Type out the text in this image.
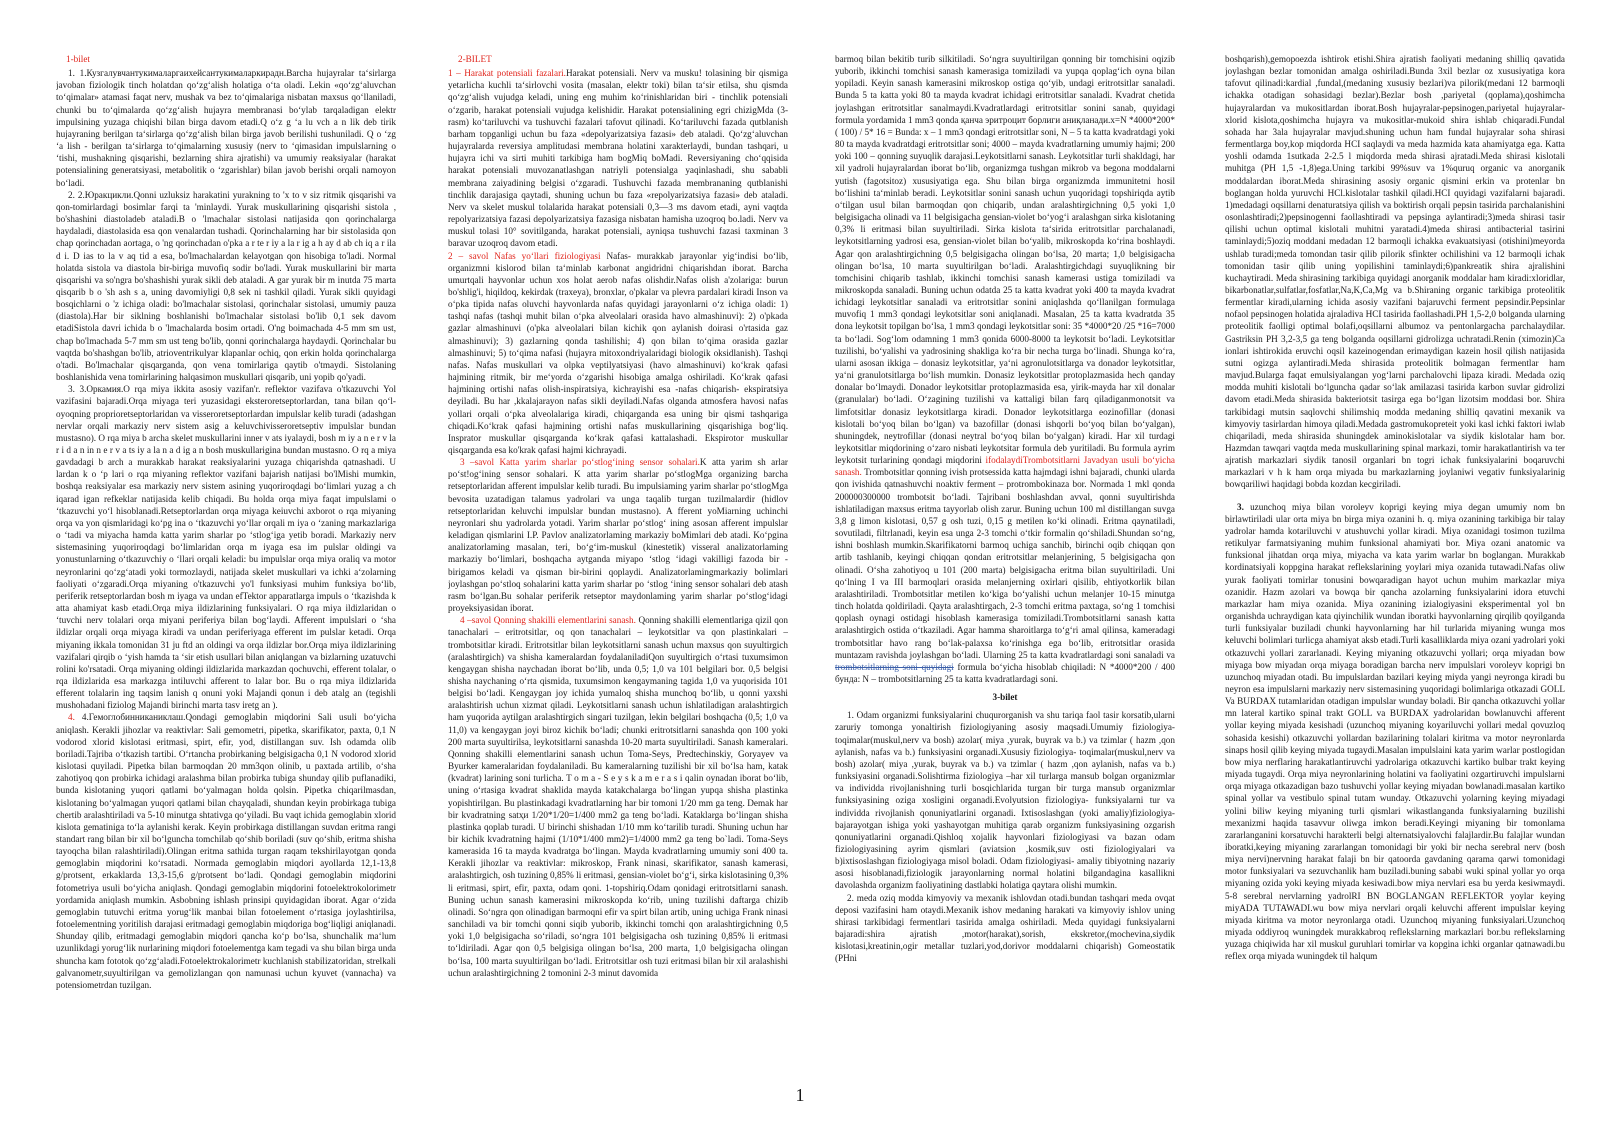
1-bilet

1. 1.Кузгалувчантукималаргаихейсантукималаркирадн.Barcha hujayralar ta‘sirlarga javoban fiziologik tinch holatdan qo‘zg‘alish holatiga o‘ta oladi. Lekin «qo‘zg‘aluvchan to‘qimalar» atamasi faqat nerv, mushak va bez to‘qimalariga nisbatan maxsus qo‘llaniladi, chunki bu to‘qimalarda qo‘zg‘alish hujayra membranasi bo‘ylab tarqaladigan elektr impulsining yuzaga chiqishi bilan birga davom etadi.Q o‘z g ‘a lu vch a n lik deb tirik hujayraning berilgan ta‘sirlarga qo‘zg‘alish bilan birga javob berilishi tushuniladi. Q o ‘zg ‘a lish - berilgan ta‘sirlarga to‘qimalarning xususiy (nerv to ‘qimasidan impulslarning o ‘tishi, mushakning qisqarishi, bezlarning shira ajratishi) va umumiy reaksiyalar (harakat potensialining generatsiyasi, metabolitik o ‘zgarishlar) bilan javob berishi orqali namoyon bo‘ladi.

2. 2.Юракцикли.Qonni uzluksiz harakatini yurakning to 'x to v siz ritmik qisqarishi va qon-tomirlardagi bosimlar farqi ta 'minlaydi. Yurak muskullarining qisqarishi sistola , bo'shashini diastoladeb ataladi.B o 'lmachalar sistolasi natijasida qon qorinchalarga haydaladi, diastolasida esa qon venalardan tushadi. Qorinchalarning har bir sistolasida qon chap qorinchadan aortaga, o 'ng qorinchadan o'pka a r te r iy a la r ig a h ay d ab ch iq a r ila d i. D ias to la v aq tid a esa, bo'lmachalardan kelayotgan qon hisobiga to'ladi. Normal holatda sistola va diastola bir-biriga muvofiq sodir bo'ladi. Yurak muskullarini bir marta qisqarishi va so'ngra bo'shashishi yurak sikli deb ataladi. A gar yurak bir m inutda 75 marta qisqarib b o 'sh ash s a, uning davomiyligi 0,8 sek ni tashkil qiladi. Yurak sikli quyidagi bosqichlarni o 'z ichiga oladi: bo'lmachalar sistolasi, qorinchalar sistolasi, umumiy pauza (diastola).Har bir siklning boshlanishi bo'lmachalar sistolasi bo'lib 0,1 sek davom etadiSistola davri ichida b o 'lmachalarda bosim ortadi. O'ng boimachada 4-5 mm sm ust, chap bo'lmachada 5-7 mm sm ust teng bo'lib, qonni qorinchalarga haydaydi. Qorinchalar bu vaqtda bo'shashgan bo'lib, atrioventrikulyar klapanlar ochiq, qon erkin holda qorinchalarga o'tadi. Bo'lmachalar qisqargandа, qon vena tomirlariga qaytib o'tmaydi. Sistolaning boshlanishida vena tomirlarining halqasimon muskullari qisqarib, uni yopib qo'yadi.

3. 3.Оркамия.O rqa miya ikkita asosiy vazifan'r. reflektor vazifava o'tkazuvchi Yol vazifasini bajaradi.Orqa miyaga teri yuzasidagi eksteroretseptorlardan, tana bilan qo‘l-oyoqning proprioretseptorlaridan va visseroretseptorlardan impulslar kelib turadi (adashgan nervlar orqali markaziy nerv sistem asig a keluvchivisseroretseptiv impulslar bundan mustasno). O rqa miya b archa skelet muskullarini inner v ats iyalaydi, bosh m iy a n e r v la r i d a n in n e r v a ts iy a la n a d ig a n bosh muskullarigina bundan mustasno. O rq a miya gavdadagi b arch a murakkab harakat reaksiyalarini yuzaga chiqarishda qatnashadi. U lardan k o ‘p lari o rqa miyaning reflektor vazifani bajarish natijasi bo'lMishi mumkin, boshqa reaksiyalar esa markaziy nerv sistem asining yuqoriroqdagi bo‘limlari yuzag a ch iqarad igan refkeklar natijasida kelib chiqadi. Bu holda orqa miya faqat impulslami o ‘tkazuvchi yo‘l hisoblanadi.Retseptorlardan orqa miyaga keiuvchi axborot o rqa miyaning orqa va yon qismlaridagi ko‘pg ina o ‘tkazuvchi yo‘llar orqali m iya o ‘zaning markazlariga o ‘tadi va miyacha hamda katta yarim sharlar po ‘stlog‘iga yetib boradi. Markaziy nerv sistemasining yuqoriroqdagi bo‘limlaridan orqa m iyaga esa im pulslar oldingi va yonustunlarning o‘tkazuvchiy o ‘llari orqali keladi: bu impulslar orqa miya oraliq va motor neyronlarini qo‘zg‘atadi yoki tormozlaydi, natijada skelet muskullari va ichki a‘zolarning faoliyati o‘zgaradi.Orqa miyaning o'tkazuvchi yo'l funksiyasi muhim funksiya bo‘lib, periferik retseptorlardan bosh m iyaga va undan efTektor apparatlarga impuls o ‘tkazishda k atta ahamiyat kasb etadi.Orqa miya ildizlarining funksiyalari. O rqa miya ildizlaridan o ‘tuvchi nerv tolalari orqa miyani periferiya bilan bog‘laydi. Afferent impulslari o ‘sha ildizlar orqali orqa miyaga kiradi va undan periferiyaga efferent im pulslar ketadi. Orqa miyaning ikkala tomonidan 31 ju ftd an oldingi va orqa ildizlar bor.Orqa miya ildizlarining vazifalari qirqib o ‘yish hamda ta ‘sir etish usullari bilan aniqlangan va bizlarning uzatuvchi rolini ko'rsatadi. Orqa miyaning oldingi ildizlarida markazdan qochuvchi, efferent tolalar, o rqa ildizlarida esa markazga intiluvchi afferent to lalar bor. Bu o rqa miya ildizlarida efferent tolalarin ing taqsim lanish q onuni yoki Majandi qonun i deb atalg an (tegishli mushohadani fiziolog Majandi birinchi marta tasv iretg an ).

4. 4.Гемоглобинниканиклаш.Qondagi gemoglabin miqdorini Sali usuli bo‘yicha aniqlash. Kerakli jihozlar va reaktivlar: Sali gemometri, pipetka, skarifikator, paxta, 0,1 N vodorod xlorid kislotasi eritmasi, spirt, efir, yod, distillangan suv. Ish odamda olib boriladi.Tajriba o‘tkazish tartibi. O‘rtancha probirkaning belgisigacha 0,1 N vodorod xlorid kislotasi quyiladi. Pipetka bilan barmoqdan 20 mm3qon olinib, u paxtada artilib, o‘sha zahotiyoq qon probirka ichidagi aralashma bilan probirka tubiga shunday qilib puflanadiki, bunda kislotaning yuqori qatlami bo‘yalmagan holda qolsin. Pipetka chiqarilmasdan, kislotaning bo‘yalmagan yuqori qatlami bilan chayqaladi, shundan keyin probirkaga tubiga chertib aralashtiriladi va 5-10 minutga shtativga qo‘yiladi. Bu vaqt ichida gemoglabin xlorid kislota gematiniga to‘la aylanishi kerak. Keyin probirkaga distillangan suvdan eritma rangi standart rang bilan bir xil bo‘lguncha tomchilab qo‘shib boriladi (suv qo‘shib, eritma shisha tayoqcha bilan ralashtiriladi).Olingan eritma sathida turgan raqam tekshirilayotgan qonda gemoglabin miqdorini ko‘rsatadi. Normada gemoglabin miqdori ayollarda 12,1-13,8 g/protsent, erkaklarda 13,3-15,6 g/protsent bo‘ladi. Qondagi gemoglabin miqdorini fotometriya usuli bo‘yicha aniqlash. Qondagi gemoglabin miqdorini fotoelektrokolorimetr yordamida aniqlash mumkin. Asbobning ishlash prinsipi quyidagidan iborat. Agar o‘zida gemoglabin tutuvchi eritma yorug‘lik manbai bilan fotoelement o‘rtasiga joylashtirilsa, fotoelementning yoritilish darajasi eritmadagi gemoglabin miqdoriga bog‘liqligi aniqlanadi. Shunday qilib, eritmadagi gemoglabin miqdori qancha ko‘p bo‘lsa, shunchalik ma‘lum uzunlikdagi yorug‘lik nurlarining miqdori fotoelementga kam tegadi va shu bilan birga unda shuncha kam fototok qo‘zg‘aladi.Fotoelektrokalorimetr kuchlanish stabilizatoridan, strelkali galvanometr,suyultirilgan va gemolizlangan qon namunasi uchun kyuvet (vannacha) va potensiometrdan tuzilgan.

2-BILET

1 – Harakat potensiali fazalari.Harakat potensiali. Nerv va musku! tolasining bir qismiga yetarlicha kuchli ta‘sirlovchi vosita (masalan, elektr toki) bilan ta‘sir etilsa, shu qismda qo‘zg‘alish vujudga keladi, uning eng muhim ko‘rinishlaridan biri - tinchlik potensiali o‘zgarib, harakat potensiali vujudga kelishidir. Harakat potensialining egri chizigMda (3-rasm) ko‘tariluvchi va tushuvchi fazalari tafovut qilinadi. Ko‘tariluvchi fazada qutblanish barham topganligi uchun bu faza «depolyarizatsiya fazasi» deb ataladi. Qo‘zg‘aluvchan hujayralarda reversiya amplitudasi membrana holatini xarakterlaydi, bundan tashqari, u hujayra ichi va sirti muhiti tarkibiga ham bogMiq boMadi. Reversiyaning cho‘qqisida harakat potensiali muvozanatlashgan natriyli potensialga yaqinlashadi, shu sababli membrana zaiyadining belgisi o‘zgaradi. Tushuvchi fazada membrananing qutblanishi tinchlik darajasiga qaytadi, shuning uchun bu faza «repolyarizatsiya fazasi» deb ataladi. Nerv va skelet muskul tolalarida harakat potensiali 0,3—3 ms davom etadi, ayni vaqtda repolyarizatsiya fazasi depolyarizatsiya fazasiga nisbatan hamisha uzoqroq bo.ladi. Nerv va muskul tolasi 10° sovitilganda, harakat potensiali, ayniqsa tushuvchi fazasi taxminan 3 baravar uzoqroq davom etadi.

2 – savol Nafas yo‘llari fiziologiyasi Nafas- murakkab jarayonlar yig‘indisi bo‘lib, organizmni kislorod bilan ta‘minlab karbonat angidridni chiqarishdan iborat. Barcha umurtqali hayvonlar uchun xos holat aerob nafas olishdir.Nafas olish a'zolariga: burun bo'shlig'i, hiqildoq, kekirdak (traxeya), bronxlar, o'pkalar va plevra pardalari kiradi Inson va o‘pka tipida nafas oluvchi hayvonlarda nafas quyidagi jarayonlarni o‘z ichiga oladi: 1) tashqi nafas (tashqi muhit bilan o‘pka alveolalari orasida havo almashinuvi): 2) o'pkada gazlar almashinuvi (o'pka alveolalari bilan kichik qon aylanish doirasi o'rtasida gaz almashinuvi); 3) gazlarning qonda tashilishi; 4) qon bilan to‘qima orasida gazlar almashinuvi; 5) to‘qima nafasi (hujayra mitoxondriyalaridagi biologik oksidlanish). Tashqi nafas. Nafas muskullari va olpka veptilyatsiyasi (havo almashinuvi) ko‘krak qafasi hajmining ritmik, bir me‘yorda o‘zgarishi hisobiga amalga oshiriladi. Ko‘krak qafasi hajmining ortishi nafas olish-inspiratsiya, kichrayishi esa -nafas chiqarish- ekspiratsiya deyiladi. Bu har ,kkalajarayon nafas sikli deyiladi.Nafas olganda atmosfera havosi nafas yollari orqali o‘pka alveolalariga kiradi, chiqarganda esa uning bir qismi tashqariga chiqadi.Ko‘krak qafasi hajmining ortishi nafas muskullarining qisqarishiga bog‘liq. Insprator muskullar qisqarganda ko‘krak qafasi kattalashadi. Ekspirotor muskullar qisqarganda esa ko'krak qafasi hajmi kichrayadi.

3 –savol Katta yarim sharlar po‘stlog‘ining sensor sohalari.K atta yarim sh arlar po‘st!og‘ining sensor sohalari. K atta yarim sharlar po‘stlogMga organizing barcha retseptorlaridan afferent impulslar kelib turadi. Bu impulsiaming yarim sharlar po‘stlogMga bevosita uzatadigan talamus yadrolari va unga taqalib turgan tuzilmalardir (hidlov retseptorlaridan keluvchi impulslar bundan mustasno). A fferent yoMiarning uchinchi neyronlari shu yadrolarda yotadi. Yarim sharlar po‘stlog‘ ining asosan afferent impulslar keladigan qismlarini I.P. Pavlov analizatorlaming markaziy boMimlari deb atadi. Ko‘pgina analizatorlaming masalan, teri, bo‘g‘im-muskul (kinestetik) visseral analizatorlaming markaziy bo‘limlari, boshqacha aytganda miyapo ‘stlog ‘idagi vakilligi fazoda bir -birigamos keladi va qisman bir-birini qoplaydi. Analizatorlamingmarkaziy bolimlari joylashgan po‘stloq sohalarini katta yarim sharlar po ‘stlog ‘ining sensor sohalari deb atash rasm bo‘lgan.Bu sohalar periferik retseptor maydonlaming yarim sharlar po‘stlog‘idagi proyeksiyasidan iborat.

4 –savol Qonning shakilli elementlarini sanash. Qonning shakilli elementlariga qizil qon tanachalari – eritrotsitlar, oq qon tanachalari – leykotsitlar va qon plastinkalari – trombotsitlar kiradi. Eritrotsitlar bilan leykotsitlarni sanash uchun maxsus qon suyultirgich (aralashtirgich) va shisha kameralardan foydalaniladiQon suyultirgich o‘rtasi tuxumsimon kengaygan shisha naychadan iborat bo‘lib, unda 0,5; 1,0 va 101 belgilari bor. 0,5 belgisi shisha naychaning o‘rta qismida, tuxumsimon kengaymaning tagida 1,0 va yuqorisida 101 belgisi bo‘ladi. Kengaygan joy ichida yumaloq shisha munchoq bo‘lib, u qonni yaxshi aralashtirish uchun xizmat qiladi. Leykotsitlarni sanash uchun ishlatiladigan aralashtirgich ham yuqorida aytilgan aralashtirgich singari tuzilgan, lekin belgilari boshqacha (0,5; 1,0 va 11,0) va kengaygan joyi biroz kichik bo‘ladi; chunki eritrotsitlarni sanashda qon 100 yoki 200 marta suyultirilsa, leykotsitlarni sanashda 10-20 marta suyultiriladi. Sanash kameralari. Qonning shakilli elementlarini sanash uchun Toma-Seys, Predtechinskiy, Goryayev va Byurker kameralaridan foydalaniladi. Bu kameralarning tuzilishi bir xil bo‘lsa ham, katak (kvadrat) larining soni turlicha. T o m a - S e y s k a m e r a s i qalin oynadan iborat bo‘lib, uning o‘rtasiga kvadrat shaklida mayda katakchalarga bo‘lingan yupqa shisha plastinka yopishtirilgan. Bu plastinkadagi kvadratlarning har bir tomoni 1/20 mm ga teng. Demak har bir kvadratning satҳи 1/20*1/20=1/400 mm2 ga teng bo‘ladi. Kataklarga bo‘lingan shisha plastinka qoplab turadi. U birinchi shishadan 1/10 mm ko‘tarilib turadi. Shuning uchun har bir kichik kvadratning hajmi (1/10*1/400 mm2)=1/4000 mm2 ga teng bo`ladi. Toma-Seys kamerasida 16 ta mayda kvadratga bo‘lingan. Mayda kvadratlarning umumiy soni 400 ta. Kerakli jihozlar va reaktivlar: mikroskop, Frank ninasi, skarifikator, sanash kamerasi, aralashtirgich, osh tuzining 0,85% li eritmasi, gensian-violet bo‘g‘i, sirka kislotasining 0,3% li eritmasi, spirt, efir, paxta, odam qoni. 1-topshiriq.Odam qonidagi eritrotsitlarni sanash. Buning uchun sanash kamerasini mikroskopda ko‘rib, uning tuzilishi daftarga chizib olinadi. So‘ngra qon olinadigan barmoqni efir va spirt bilan artib, uning uchiga Frank ninasi sanchiladi va bir tomchi qonni siqib yuborib, ikkinchi tomchi qon aralashtirgichning 0,5 yoki 1,0 belgisigacha so‘riladi, so‘ngra 101 belgisigacha osh tuzining 0,85% li eritmasi to‘ldiriladi. Agar qon 0,5 belgisiga olingan bo‘lsa, 200 marta, 1,0 belgisigacha olingan bo‘lsa, 100 marta suyultirilgan bo‘ladi. Eritrotsitlar osh tuzi eritmasi bilan bir xil aralashishi uchun aralashtirgichning 2 tomonini 2-3 minut davomida

barmoq bilan bekitib turib silkitiladi. So‘ngra suyultirilgan qonning bir tomchisini oqizib yuborib, ikkinchi tomchisi sanash kamerasiga tomiziladi va yupqa qoplag‘ich oyna bilan yopiladi. Keyin sanash kamerasini mikroskop ostiga qo‘yib, undagi eritrotsitlar sanaladi. Bunda 5 ta katta yoki 80 ta mayda kvadrat ichidagi eritrotsitlar sanaladi. Kvadrat chetida joylashgan eritrotsitlar sanalmaydi.Kvadratlardagi eritrotsitlar sonini sanab, quyidagi formula yordamida 1 mm3 qonda қанча эритроцит борлиги аниқланади.x=N *4000*200*( 100) / 5* 16 = Bunda: x – 1 mm3 qondagi eritrotsitlar soni, N – 5 ta katta kvadratdagi yoki 80 ta mayda kvadratdagi eritrotsitlar soni; 4000 – mayda kvadratlarning umumiy hajmi; 200 yoki 100 – qonning suyuqlik darajasi.Leykotsitlarni sanash. Leykotsitlar turli shakldagi, har xil yadroli hujayralardan iborat bo‘lib, organizmga tushgan mikrob va begona moddalarni yutish (fagotsitoz) xususiyatiga ega. Shu bilan birga organizmda immunitetni hosil bo‘lishini ta‘minlab beradi. Leykotsitlar sonini sanash uchun yuqoridagi topshiriqda aytib o‘tilgan usul bilan barmoqdan qon chiqarib, undan aralashtirgichning 0,5 yoki 1,0 belgisigacha olinadi va 11 belgisigacha gensian-violet bo‘yog‘i aralashgan sirka kislotaning 0,3% li eritmasi bilan suyultiriladi. Sirka kislota ta‘sirida eritrotsitlar parchalanadi, leykotsitlarning yadrosi esa, gensian-violet bilan bo‘yalib, mikroskopda ko‘rina boshlaydi. Agar qon aralashtirgichning 0,5 belgisigacha olingan bo‘lsa, 20 marta; 1,0 belgisigacha olingan bo‘lsa, 10 marta suyultirilgan bo‘ladi. Aralashtirgichdagi suyuqlikning bir tomchisini chiqarib tashlab, ikkinchi tomchisi sanash kamerasi ustiga tomiziladi va mikroskopda sanaladi. Buning uchun odatda 25 ta katta kvadrat yoki 400 ta mayda kvadrat ichidagi leykotsitlar sanaladi va eritrotsitlar sonini aniqlashda qo‘llanilgan formulaga muvofiq 1 mm3 qondagi leykotsitlar soni aniqlanadi. Masalan, 25 ta katta kvadratda 35 dona leykotsit topilgan bo‘lsa, 1 mm3 qondagi leykotsitlar soni: 35 *4000*20 /25 *16=7000 ta bo‘ladi. Sog‘lom odamning 1 mm3 qonida 6000-8000 ta leykotsit bo‘ladi. Leykotsitlar tuzilishi, bo‘yalishi va yadrosining shakliga ko‘ra bir necha turga bo‘linadi. Shunga ko‘ra, ularni asosan ikkiga – donasiz leykotsitlar, ya‘ni agronulotsitlarga va donador leykotsitlar, ya‘ni granulotsitlarga bo‘lish mumkin. Donasiz leykotsitlar protoplazmasida hech qanday donalar bo‘lmaydi. Donador leykotsitlar protoplazmasida esa, yirik-mayda har xil donalar (granulalar) bo‘ladi. O‘zagining tuzilishi va kattaligi bilan farq qiladiganmonotsit va limfotsitlar donasiz leykotsitlarga kiradi. Donador leykotsitlarga eozinofillar (donasi kislotali bo‘yoq bilan bo‘lgan) va bazofillar (donasi ishqorli bo‘yoq bilan bo‘yalgan), shuningdek, neytrofillar (donasi neytral bo‘yoq bilan bo‘yalgan) kiradi. Har xil turdagi leykotsitlar miqdorining o‘zaro nisbati leykotsitar formula deb yuritiladi. Bu formula ayrim leykotsit turlarining qondagi miqdorini ifodalaydiTrombotsitlarni Javadyan usuli bo‘yicha sanash. Trombotsitlar qonning ivish protsessida katta hajmdagi ishni bajaradi, chunki ularda qon ivishida qatnashuvchi noaktiv ferment – protrombokinaza bor. Normada 1 mkl qonda 200000300000 trombotsit bo‘ladi. Tajribani boshlashdan avval, qonni suyultirishda ishlatiladigan maxsus eritma tayyorlab olish zarur. Buning uchun 100 ml distillangan suvga 3,8 g limon kislotasi, 0,57 g osh tuzi, 0,15 g metilen ko‘ki olinadi. Eritma qaynatiladi, sovutiladi, filtrlanadi, keyin esa unga 2-3 tomchi o‘tkir formalin qo‘shiladi.Shundan so‘ng, ishni boshlash mumkin.Skarifikatorni barmoq uchiga sanchib, birinchi oqib chiqqan qon artib tashlanib, keyingi chiqqan qondan eritrotsitlar melanjerining, 5 belgisigacha qon olinadi. O‘sha zahotiyoq u 101 (200 marta) belgisigacha eritma bilan suyultiriladi. Uni qo‘lning I va III barmoqlari orasida melanjerning oxirlari qisilib, ehtiyotkorlik bilan aralashtiriladi. Trombotsitlar metilen ko‘kiga bo‘yalishi uchun melanjer 10-15 minutga tinch holatda qoldiriladi. Qayta aralashtirgach, 2-3 tomchi eritma paxtaga, so‘ng 1 tomchisi qoplash oynagi ostidagi hisoblash kamerasiga tomiziladi.Trombotsitlarni sanash katta aralashtirgich ostida o‘tkaziladi. Agar hamma sharoitlarga to‘g‘ri amal qilinsa, kameradagi trombotsitlar havo rang bo‘lak-palaxsa ko‘rinishga ega bo‘lib, eritrotsitlar orasida muntazam ravishda joylashgan bo‘ladi. Ularning 25 ta katta kvadratlardagi soni sanaladi va trombotsitlarning soni quyidagi formula bo‘yicha hisoblab chiqiladi: N *4000*200 / 400 бунда: N – trombotsitlarning 25 ta katta kvadratlardagi soni.

3-bilet

1. Odam organizmi funksiyalarini chuqurorganish va shu tariqa faol tasir korsatib,ularni zaruriy tomonga yonaltirish fiziologiyaning asosiy maqsadi.Umumiy fiziologiya- toqimalar(muskul,nerv va bosh) azolar( miya ,yurak, buyrak va b.) va tzimlar ( hazm ,qon aylanish, nafas va b.) funksiyasini organadi.Xususiy fiziologiya- toqimalar(muskul,nerv va bosh) azolar( miya ,yurak, buyrak va b.) va tzimlar ( hazm ,qon aylanish, nafas va b.) funksiyasini organadi.Solishtirma fiziologiya –har xil turlarga mansub bolgan organizmlar va individda rivojlanishning turli bosqichlarida turgan bir turga mansub organizmlar funksiyasining oziga xosligini organadi.Evolyutsion fiziologiya- funksiyalarni tur va individda rivojlanish qonuniyatlarini organadi. Ixtisoslashgan (yoki amaliy)fiziologiya- bajarayotgan ishiga yoki yashayotgan muhitiga qarab organizm funksiyasining ozgarish qonuniyatlarini organadi.Qishloq xojalik hayvonlari fiziologiyasi va bazan odam fiziologiyasining ayrim qismlari (aviatsion ,kosmik,suv osti fiziologiyalari va b)ixtisoslashgan fiziologiyaga misol boladi. Odam fiziologiyasi- amaliy tibiyotning nazariy asosi hisoblanadi,fiziologik jarayonlarning normal holatini bilgandagina kasallikni davolashda organizm faoliyatining dastlabki holatiga qaytara olishi mumkin.

2. meda oziq modda kimyoviy va mexanik ishlovdan otadi.bundan tashqari meda ovqat deposi vazifasini ham otaydi.Mexanik ishov medaning harakati va kimyoviy ishlov uning shirasi tarkibidagi fermentlari tasirida amalga oshiriladi. Meda quyidagi funksiyalarni bajaradi:shira ajratish ,motor(harakat),sorish, ekskretor,(mochevina,siydik kislotasi,kreatinin,ogir metallar tuzlari,yod,dorivor moddalarni chiqarish) Gomeostatik (PHni

boshqarish),gemopoezda ishtirok etishi.Shira ajratish faoliyati medaning shilliq qavatida joylashgan bezlar tomonidan amalga oshiriladi.Bunda 3xil bezlar oz xususiyatiga kora tafovut qilinadi:kardial ,fundal,(medaning xususiy bezlari)va pilorik(medani 12 barmoqli ichakka otadigan sohasidagi bezlar).Bezlar bosh ,pariyetal (qoplama),qoshimcha hujayralardan va mukositlardan iborat.Bosh hujayralar-pepsinogen,pariyetal hujayralar-xlorid kislota,qoshimcha hujayra va mukositlar-mukoid shira ishlab chiqaradi.Fundal sohada har 3ala hujayralar mavjud.shuning uchun ham fundal hujayralar soha shirasi fermentlarga boy,kop miqdorda HCI saqlaydi va meda hazmida kata ahamiyatga ega. Katta yoshli odamda 1sutkada 2-2.5 l miqdorda meda shirasi ajratadi.Meda shirasi kislotali muhitga (PH 1,5 -1,8)ega.Uning tarkibi 99%suv va 1%quruq organic va anorganik moddalardan iborat.Meda shirasining asosiy organic qismini erkin va protenlar bn boglangan holda yuruvchi HCl.kislotalar tashkil qiladi.HCI quyidagi vazifalarni bajaradi. 1)medadagi oqsillarni denaturatsiya qilish va boktirish orqali pepsin tasirida parchalanishini osonlashtiradi;2)pepsinogenni faollashtiradi va pepsinga aylantiradi;3)meda shirasi tasir qilishi uchun optimal kislotali muhitni yaratadi.4)meda shirasi antibacterial tasirini taminlaydi;5)oziq moddani medadan 12 barmoqli ichakka evakuatsiyasi (otishini)meyorda ushlab turadi;meda tomondan tasir qilib pilorik sfinkter ochilishini va 12 barmoqli ichak tomonidan tasir qilib uning yopilishini taminlaydi;6)pankreatik shira ajralishini kuchaytiradi. Meda shirasining tarkibiga quyidagi anorganik moddalar ham kiradi:xloridlar, bikarbonatlar,sulfatlar,fosfatlar,Na,K,Ca,Mg va b.Shiraning organic tarkibiga proteolitik fermentlar kiradi,ularning ichida asosiy vazifani bajaruvchi ferment pepsindir.Pepsinlar nofaol pepsinogen holatida ajraladiva HCI tasirida faollashadi.PH 1,5-2,0 bolganda ularning proteolitik faolligi optimal bolafi,oqsillarni albumoz va pentonlargacha parchalaydilar. Gastriksin PH 3,2-3,5 ga teng bolganda oqsillarni gidrolizga uchratadi.Renin (ximozin)Ca ionlari ishtirokida eruvchi oqsil kazeinogendan erimaydigan kazein hosil qilish natijasida sutni ogizga aylantiradi.Meda shirasida proteolitik bolmagan fermentlar ham mavjud.Bularga faqat emulsiyalangan yog‘larni parchalovchi lipaza kiradi. Medada oziq modda muhiti kislotali bo‘lguncha qadar so‘lak amilazasi tasirida karbon suvlar gidrolizi davom etadi.Meda shirasida bakteriotsit tasirga ega bo‘lgan lizotsim moddasi bor. Shira tarkibidagi mutsin saqlovchi shilimshiq modda medaning shilliq qavatini mexanik va kimyoviy tasirlardan himoya qiladi.Medada gastromukopreteit yoki kasl ichki faktori iwlab chiqariladi, meda shirasida shuningdek aminokislotalar va siydik kislotalar ham bor. Hazmdan tawqari vaqtda meda muskullarining spinal markazi, tomir harakatlantirish va ter ajratish markazlari siydik tanosil organlari bn togri ichak funksiyalarini boqaruvchi markazlari v h k ham orqa miyada bu markazlarning joylaniwi vegativ funksiyalarinig bowqariliwi haqidagi bobda kozdan kecgiriladi.

3. uzunchoq miya bilan voroleyv koprigi keying miya degan umumiy nom bn birlawtiriladi ular orta miya bn birga miya ozanini h. q. miya ozanining tarkibiga bir talay yadrolar hamda kotariluvchi v atushuvchi yollar kiradi. Miya ozanidagi tosimon tuzilma retikulyar farmatsiyaning muhim funksional ahamiyati bor. Miya ozani anatomic va funksional jihatdan orqa miya, miyacha va kata yarim warlar bn boglangan. Murakkab kordinatsiyali koppgina harakat reflekslarining yoylari miya ozanida tutawadi.Nafas oliw yurak faoliyati tomirlar tonusini bowqaradigan hayot uchun muhim markazlar miya ozanidir. Hazm azolari va bowqa bir qancha azolarning funksiyalarini idora etuvchi markazlar ham miya ozanida. Miya ozanining izialogiyasini eksperimental yol bn organishda uchraydigan kata qiyinchilik wundan iboratki hayvonlarning qirqilib qoyilganda turli funksiyalar buziladi chunki hayvonlarning har hil turlarida miyaning wunga mos keluvchi bolimlari turlicga ahamiyat aksb etadi.Turli kasalliklarda miya ozani yadrolari yoki otkazuvchi yollari zararlanadi. Keying miyaning otkazuvchi yollari; orqa miyadan bow miyaga bow miyadan orqa miyaga boradigan barcha nerv impulslari voroleyv koprigi bn uzunchoq miyadan otadi. Bu impulslardan bazilari keying miyda yangi neyronga kiradi bu neyron esa impulslarni markaziy nerv sistemasining yuqoridagi bolimlariga otkazadi GOLL Va BURDAX tutamlaridan otadigan impulslar wunday boladi. Bir qancha otkazuvchi yollar mn lateral kartiko spinal trakt GOLL va BURDAX yadrolaridan bowlanuvchi afferent yollar keying miyada kesishadi (uzunchoq miyaning koyariluvchi yollari medal qovuzloq sohasida kesishi) otkazuvchi yollardan bazilarining tolalari kiritma va motor neyronlarda sinaps hosil qilib keying miyada tugaydi.Masalan impulslaini kata yarim warlar postlogidan bow miya nerflaring harakatlantiruvchi yadrolariga otkazuvchi kartiko bulbar trakt keying miyada tugaydi. Orqa miya neyronlarining holatini va faoliyatini ozgartiruvchi impulslarni orqa miyaga otkazadigan bazo tushuvchi yollar keying miyadan bowlanadi.masalan kartiko spinal yollar va vestibulo spinal tutam wunday. Otkazuvchi yolarning keying miyadagi yolini biliw keying miyaning turli qismlari wikastlanganda funksiyalarning buzilishi mexanizmi haqida tasavvur oliwga imkon beradi.Keyingi miyaning bir tomonlama zararlanganini korsatuvchi harakterli belgi alternatsiyalovchi falajlardir.Bu falajlar wundan iboratki,keying miyaning zararlangan tomonidagi bir yoki bir necha serebral nerv (bosh miya nervi)nervning harakat falaji bn bir qatoorda gavdaning qarama qarwi tomonidagi motor funksiyalari va sezuvchanlik ham buziladi.buning sababi wuki spinal yollar yo orqa miyaning ozida yoki keying miyada kesiwadi.bow miya nervlari esa bu yerda kesiwmaydi. 5-8 serebral nervlarning yadrolRI BN BOGLANGAN REFLEKTOR yoylar keying miyADA TUTAWADI.wu bow miya nervlari orqali keluvchi afferent impulslar keying miyada kiritma va motor neyronlarga otadi. Uzunchoq miyaning funksiyalari.Uzunchoq miyada oddiyroq wuningdek murakkabroq reflekslarning markazlari bor.bu reflekslarning yuzaga chiqiwida har xil muskul guruhlari tomirlar va kopgina ichki organlar qatnawadi.bu reflex orqa miyada wuningdek til halqum

1
